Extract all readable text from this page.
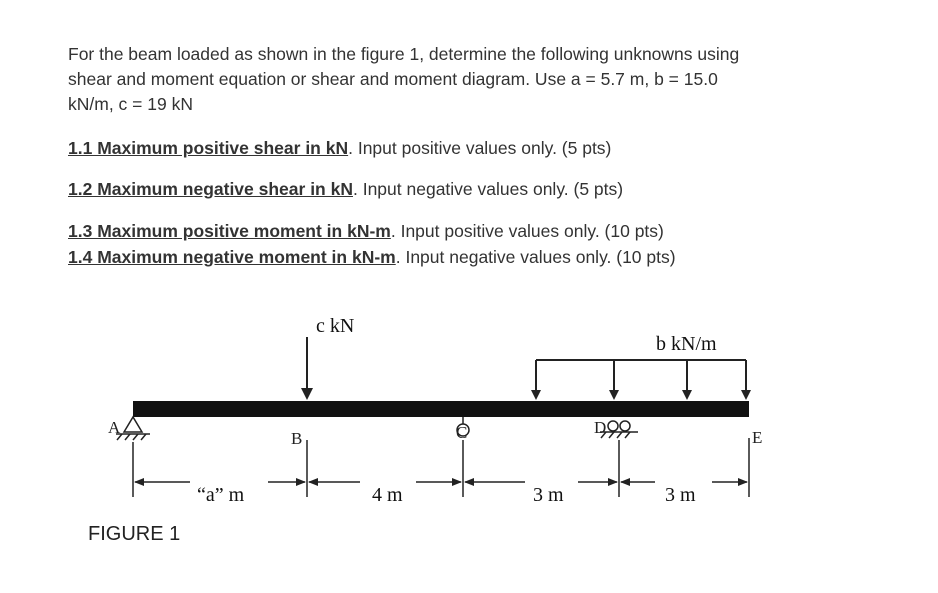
For the beam loaded as shown in the figure 1, determine the following unknowns using
shear and moment equation or shear and moment diagram. Use a = 5.7 m, b = 15.0
kN/m, c = 19 kN
1.1 Maximum positive shear in kN. Input positive values only. (5 pts)
1.2 Maximum negative shear in kN. Input negative values only. (5 pts)
1.3 Maximum positive moment in kN-m. Input positive values only. (10 pts)
1.4 Maximum negative moment in kN-m. Input negative values only. (10 pts)
c kN
b kN/m
A
B	C	D
E
“a” m	4 m	3 m	3 m
FIGURE 1
